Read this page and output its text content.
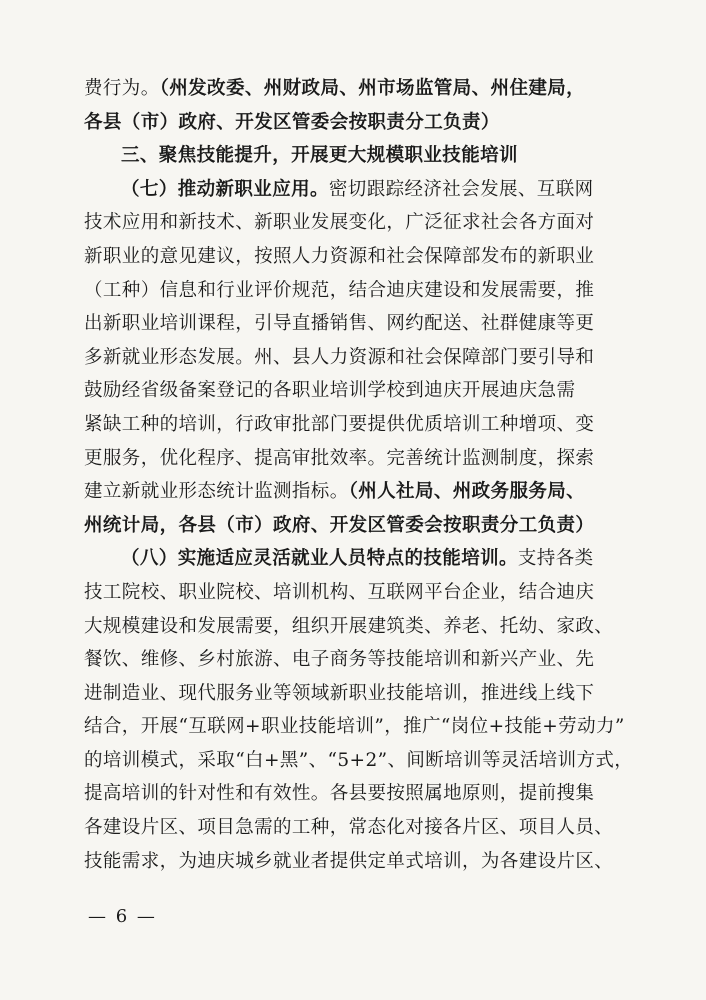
费行为。（州发改委、州财政局、州市场监管局、州住建局，
各县（市）政府、开发区管委会按职责分工负责）
三、聚焦技能提升，开展更大规模职业技能培训
（七）推动新职业应用。密切跟踪经济社会发展、互联网
技术应用和新技术、新职业发展变化，广泛征求社会各方面对
新职业的意见建议，按照人力资源和社会保障部发布的新职业
（工种）信息和行业评价规范，结合迪庆建设和发展需要，推
出新职业培训课程，引导直播销售、网约配送、社群健康等更
多新就业形态发展。州、县人力资源和社会保障部门要引导和
鼓励经省级备案登记的各职业培训学校到迪庆开展迪庆急需
紧缺工种的培训，行政审批部门要提供优质培训工种增项、变
更服务，优化程序、提高审批效率。完善统计监测制度，探索
建立新就业形态统计监测指标。（州人社局、州政务服务局、
州统计局，各县（市）政府、开发区管委会按职责分工负责）
（八）实施适应灵活就业人员特点的技能培训。支持各类
技工院校、职业院校、培训机构、互联网平台企业，结合迪庆
大规模建设和发展需要，组织开展建筑类、养老、托幼、家政、
餐饮、维修、乡村旅游、电子商务等技能培训和新兴产业、先
进制造业、现代服务业等领域新职业技能培训，推进线上线下
结合，开展“互联网+职业技能培训”，推广“岗位+技能+劳动力”
的培训模式，采取“白+黑”、“5+2”、间断培训等灵活培训方式，
提高培训的针对性和有效性。各县要按照属地原则，提前搜集
各建设片区、项目急需的工种，常态化对接各片区、项目人员、
技能需求，为迪庆城乡就业者提供定单式培训，为各建设片区、
— 6 —
